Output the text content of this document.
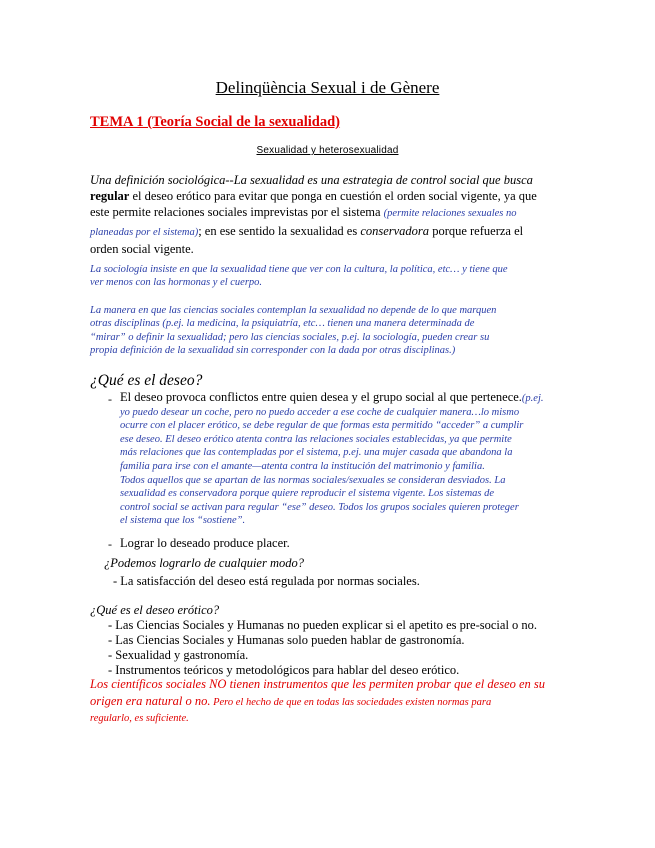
Delinqüència Sexual i de Gènere
TEMA 1 (Teoría Social de la sexualidad)
Sexualidad y heterosexualidad
Una definición sociológica--La sexualidad es una estrategia de control social que busca
regular el deseo erótico para evitar que ponga en cuestión el orden social vigente, ya que
este permite relaciones sociales imprevistas por el sistema (permite relaciones sexuales no
planeadas por el sistema); en ese sentido la sexualidad es conservadora porque refuerza el
orden social vigente.
La sociología insiste en que la sexualidad tiene que ver con la cultura, la política, etc… y tiene que
ver menos con las hormonas y el cuerpo.
La manera en que las ciencias sociales contemplan la sexualidad no depende de lo que marquen
otras disciplinas (p.ej. la medicina, la psiquiatría, etc… tienen una manera determinada de
“mirar” o definir la sexualidad; pero las ciencias sociales, p.ej. la sociología, pueden crear su
propia definición de la sexualidad sin corresponder con la dada por otras disciplinas.)
¿Qué es el deseo?
- El deseo provoca conflictos entre quien desea y el grupo social al que pertenece.(p.ej.
yo puedo desear un coche, pero no puedo acceder a ese coche de cualquier manera…lo mismo
ocurre con el placer erótico, se debe regular de que formas esta permitido “acceder” a cumplir
ese deseo. El deseo erótico atenta contra las relaciones sociales establecidas, ya que permite
más relaciones que las contempladas por el sistema, p.ej. una mujer casada que abandona la
familia para irse con el amante—atenta contra la institución del matrimonio y familia.
Todos aquellos que se apartan de las normas sociales/sexuales se consideran desviados. La
sexualidad es conservadora porque quiere reproducir el sistema vigente. Los sistemas de
control social se activan para regular “ese” deseo. Todos los grupos sociales quieren proteger
el sistema que los “sostiene”.
- Lograr lo deseado produce placer.
¿Podemos lograrlo de cualquier modo?
- La satisfacción del deseo está regulada por normas sociales.
¿Qué es el deseo erótico?
- Las Ciencias Sociales y Humanas no pueden explicar si el apetito es pre-social o no.
- Las Ciencias Sociales y Humanas solo pueden hablar de gastronomía.
- Sexualidad y gastronomía.
- Instrumentos teóricos y metodológicos para hablar del deseo erótico.
Los científicos sociales NO tienen instrumentos que les permiten probar que el deseo en su
origen era natural o no. Pero el hecho de que en todas las sociedades existen normas para
regularlo, es suficiente.
